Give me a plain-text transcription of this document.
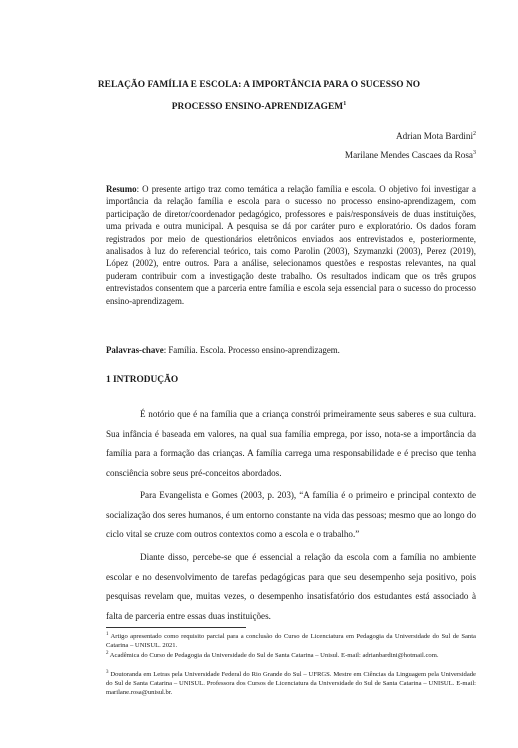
RELAÇÃO FAMÍLIA E ESCOLA: A IMPORTÂNCIA PARA O SUCESSO NO
PROCESSO ENSINO-APRENDIZAGEM$^1$
Adrian Mota Bardini$^2$
Marilane Mendes Cascaes da Rosa$^3$
Resumo: O presente artigo traz como temática a relação família e escola. O objetivo foi investigar a importância da relação família e escola para o sucesso no processo ensino-aprendizagem, com participação de diretor/coordenador pedagógico, professores e pais/responsáveis de duas instituições, uma privada e outra municipal. A pesquisa se dá por caráter puro e exploratório. Os dados foram registrados por meio de questionários eletrônicos enviados aos entrevistados e, posteriormente, analisados à luz do referencial teórico, tais como Parolin (2003), Szymanzki (2003), Perez (2019), López (2002), entre outros. Para a análise, selecionamos questões e respostas relevantes, na qual puderam contribuir com a investigação deste trabalho. Os resultados indicam que os três grupos entrevistados consentem que a parceria entre família e escola seja essencial para o sucesso do processo ensino-aprendizagem.
Palavras-chave: Família. Escola. Processo ensino-aprendizagem.
1 INTRODUÇÃO
É notório que é na família que a criança constrói primeiramente seus saberes e sua cultura. Sua infância é baseada em valores, na qual sua família emprega, por isso, nota-se a importância da família para a formação das crianças. A família carrega uma responsabilidade e é preciso que tenha consciência sobre seus pré-conceitos abordados.
Para Evangelista e Gomes (2003, p. 203), “A família é o primeiro e principal contexto de socialização dos seres humanos, é um entorno constante na vida das pessoas; mesmo que ao longo do ciclo vital se cruze com outros contextos como a escola e o trabalho.”
Diante disso, percebe-se que é essencial a relação da escola com a família no ambiente escolar e no desenvolvimento de tarefas pedagógicas para que seu desempenho seja positivo, pois pesquisas revelam que, muitas vezes, o desempenho insatisfatório dos estudantes está associado à falta de parceria entre essas duas instituições.
$^1$ Artigo apresentado como requisito parcial para a conclusão do Curso de Licenciatura em Pedagogia da Universidade do Sul de Santa Catarina – UNISUL. 2021.
$^2$ Acadêmica do Curso de Pedagogia da Universidade do Sul de Santa Catarina – Unisul. E-mail: adrianbardini@hotmail.com.
$^3$ Doutoranda em Letras pela Universidade Federal do Rio Grande do Sul – UFRGS. Mestre em Ciências da Linguagem pela Universidade do Sul de Santa Catarina – UNISUL. Professora dos Cursos de Licenciatura da Universidade do Sul de Santa Catarina – UNISUL. E-mail: marilane.rosa@unisul.br.
